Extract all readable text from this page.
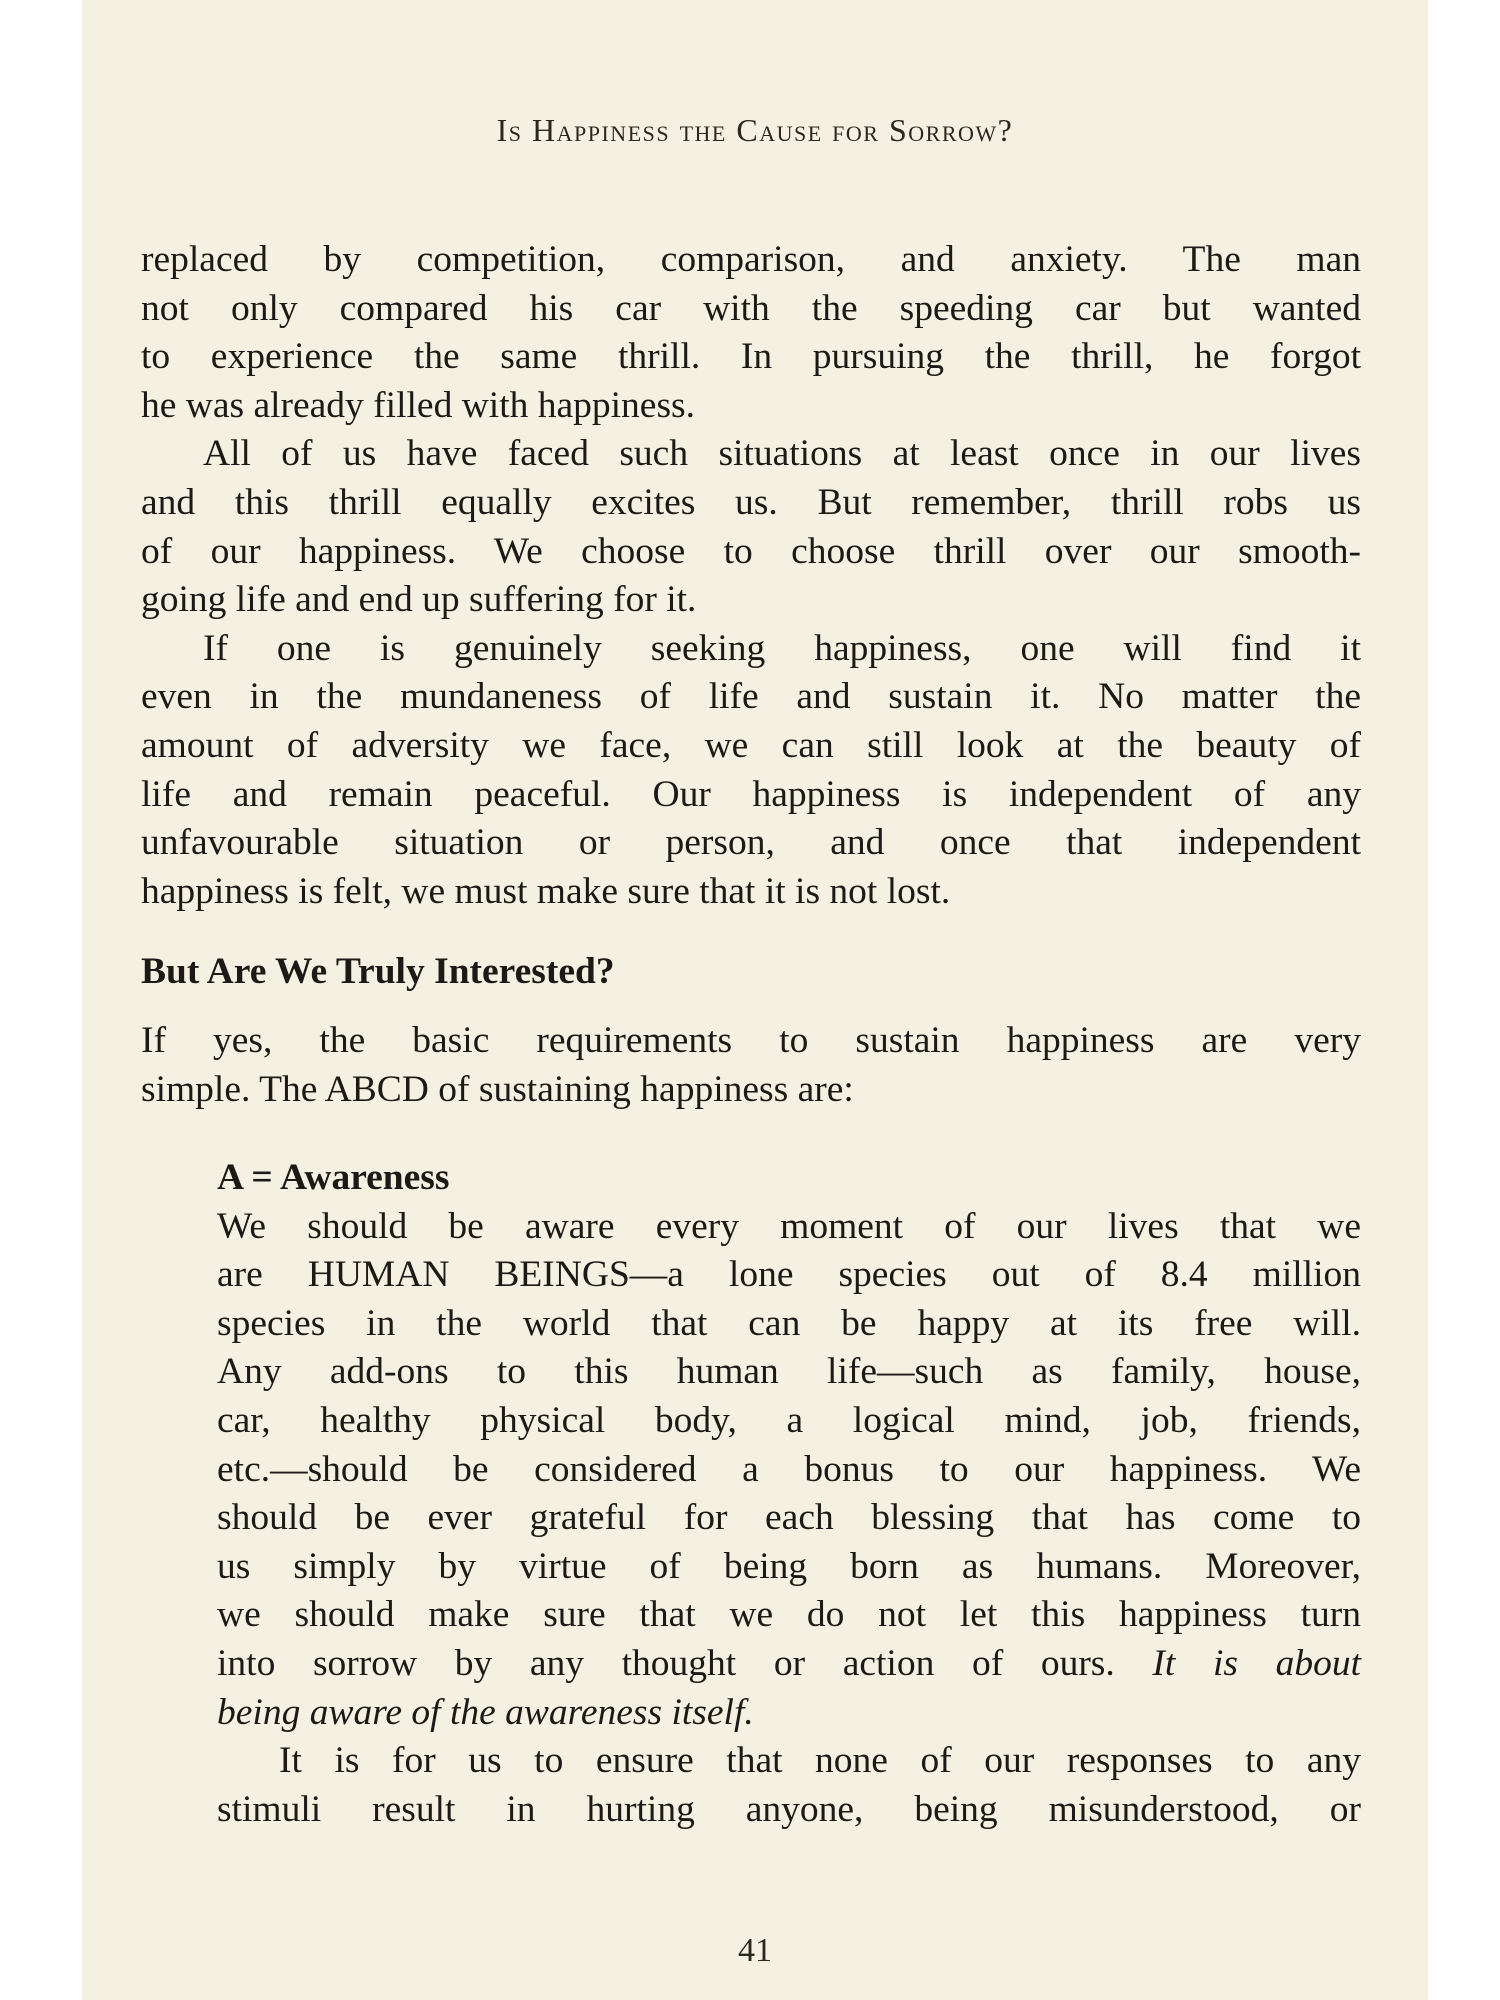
Is Happiness the Cause for Sorrow?
replaced by competition, comparison, and anxiety. The man
not only compared his car with the speeding car but wanted
to experience the same thrill. In pursuing the thrill, he forgot
he was already filled with happiness.
All of us have faced such situations at least once in our lives
and this thrill equally excites us. But remember, thrill robs us
of our happiness. We choose to choose thrill over our smooth-
going life and end up suffering for it.
If one is genuinely seeking happiness, one will find it
even in the mundaneness of life and sustain it. No matter the
amount of adversity we face, we can still look at the beauty of
life and remain peaceful. Our happiness is independent of any
unfavourable situation or person, and once that independent
happiness is felt, we must make sure that it is not lost.
But Are We Truly Interested?
If yes, the basic requirements to sustain happiness are very
simple. The ABCD of sustaining happiness are:
A = Awareness
We should be aware every moment of our lives that we
are HUMAN BEINGS—a lone species out of 8.4 million
species in the world that can be happy at its free will.
Any add-ons to this human life—such as family, house,
car, healthy physical body, a logical mind, job, friends,
etc.—should be considered a bonus to our happiness. We
should be ever grateful for each blessing that has come to
us simply by virtue of being born as humans. Moreover,
we should make sure that we do not let this happiness turn
into sorrow by any thought or action of ours. It is about
being aware of the awareness itself.
It is for us to ensure that none of our responses to any
stimuli result in hurting anyone, being misunderstood, or
41
